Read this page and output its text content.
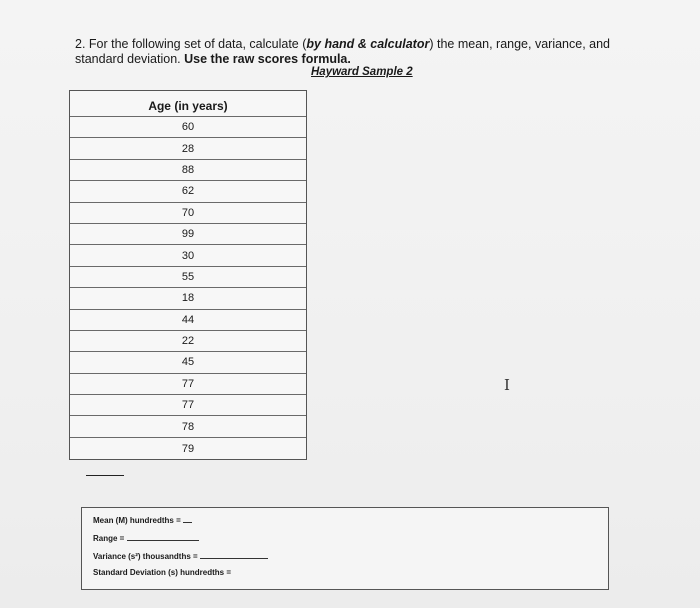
2. For the following set of data, calculate (by hand & calculator) the mean, range, variance, and standard deviation. Use the raw scores formula.
Hayward Sample 2
Age (in years)
60
28
88
62
70
99
30
55
18
44
22
45
77
77
78
79
I
Mean (M) hundredths =
Range =
Variance (s²) thousandths =
Standard Deviation (s) hundredths =
